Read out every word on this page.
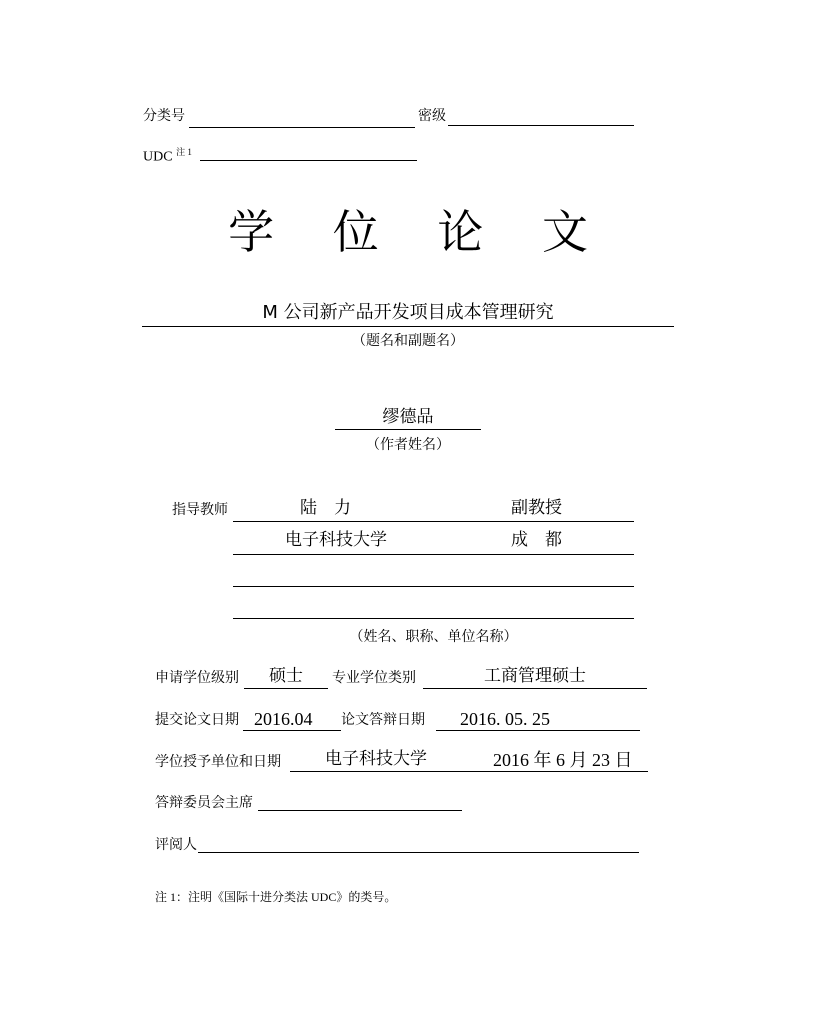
分类号	密级
UDC $^{注 1}$
学 位 论 文
M 公司新产品开发项目成本管理研究
（题名和副题名）
缪德品
（作者姓名）
指导教师	陆　力	副教授
电子科技大学	成　都
（姓名、职称、单位名称）
申请学位级别	硕士	专业学位类别	工商管理硕士
提交论文日期 2016.04 论文答辩日期 2016. 05. 25
学位授予单位和日期	电子科技大学	2016 年 6 月 23 日
答辩委员会主席
评阅人
注 1：注明《国际十进分类法 UDC》的类号。
